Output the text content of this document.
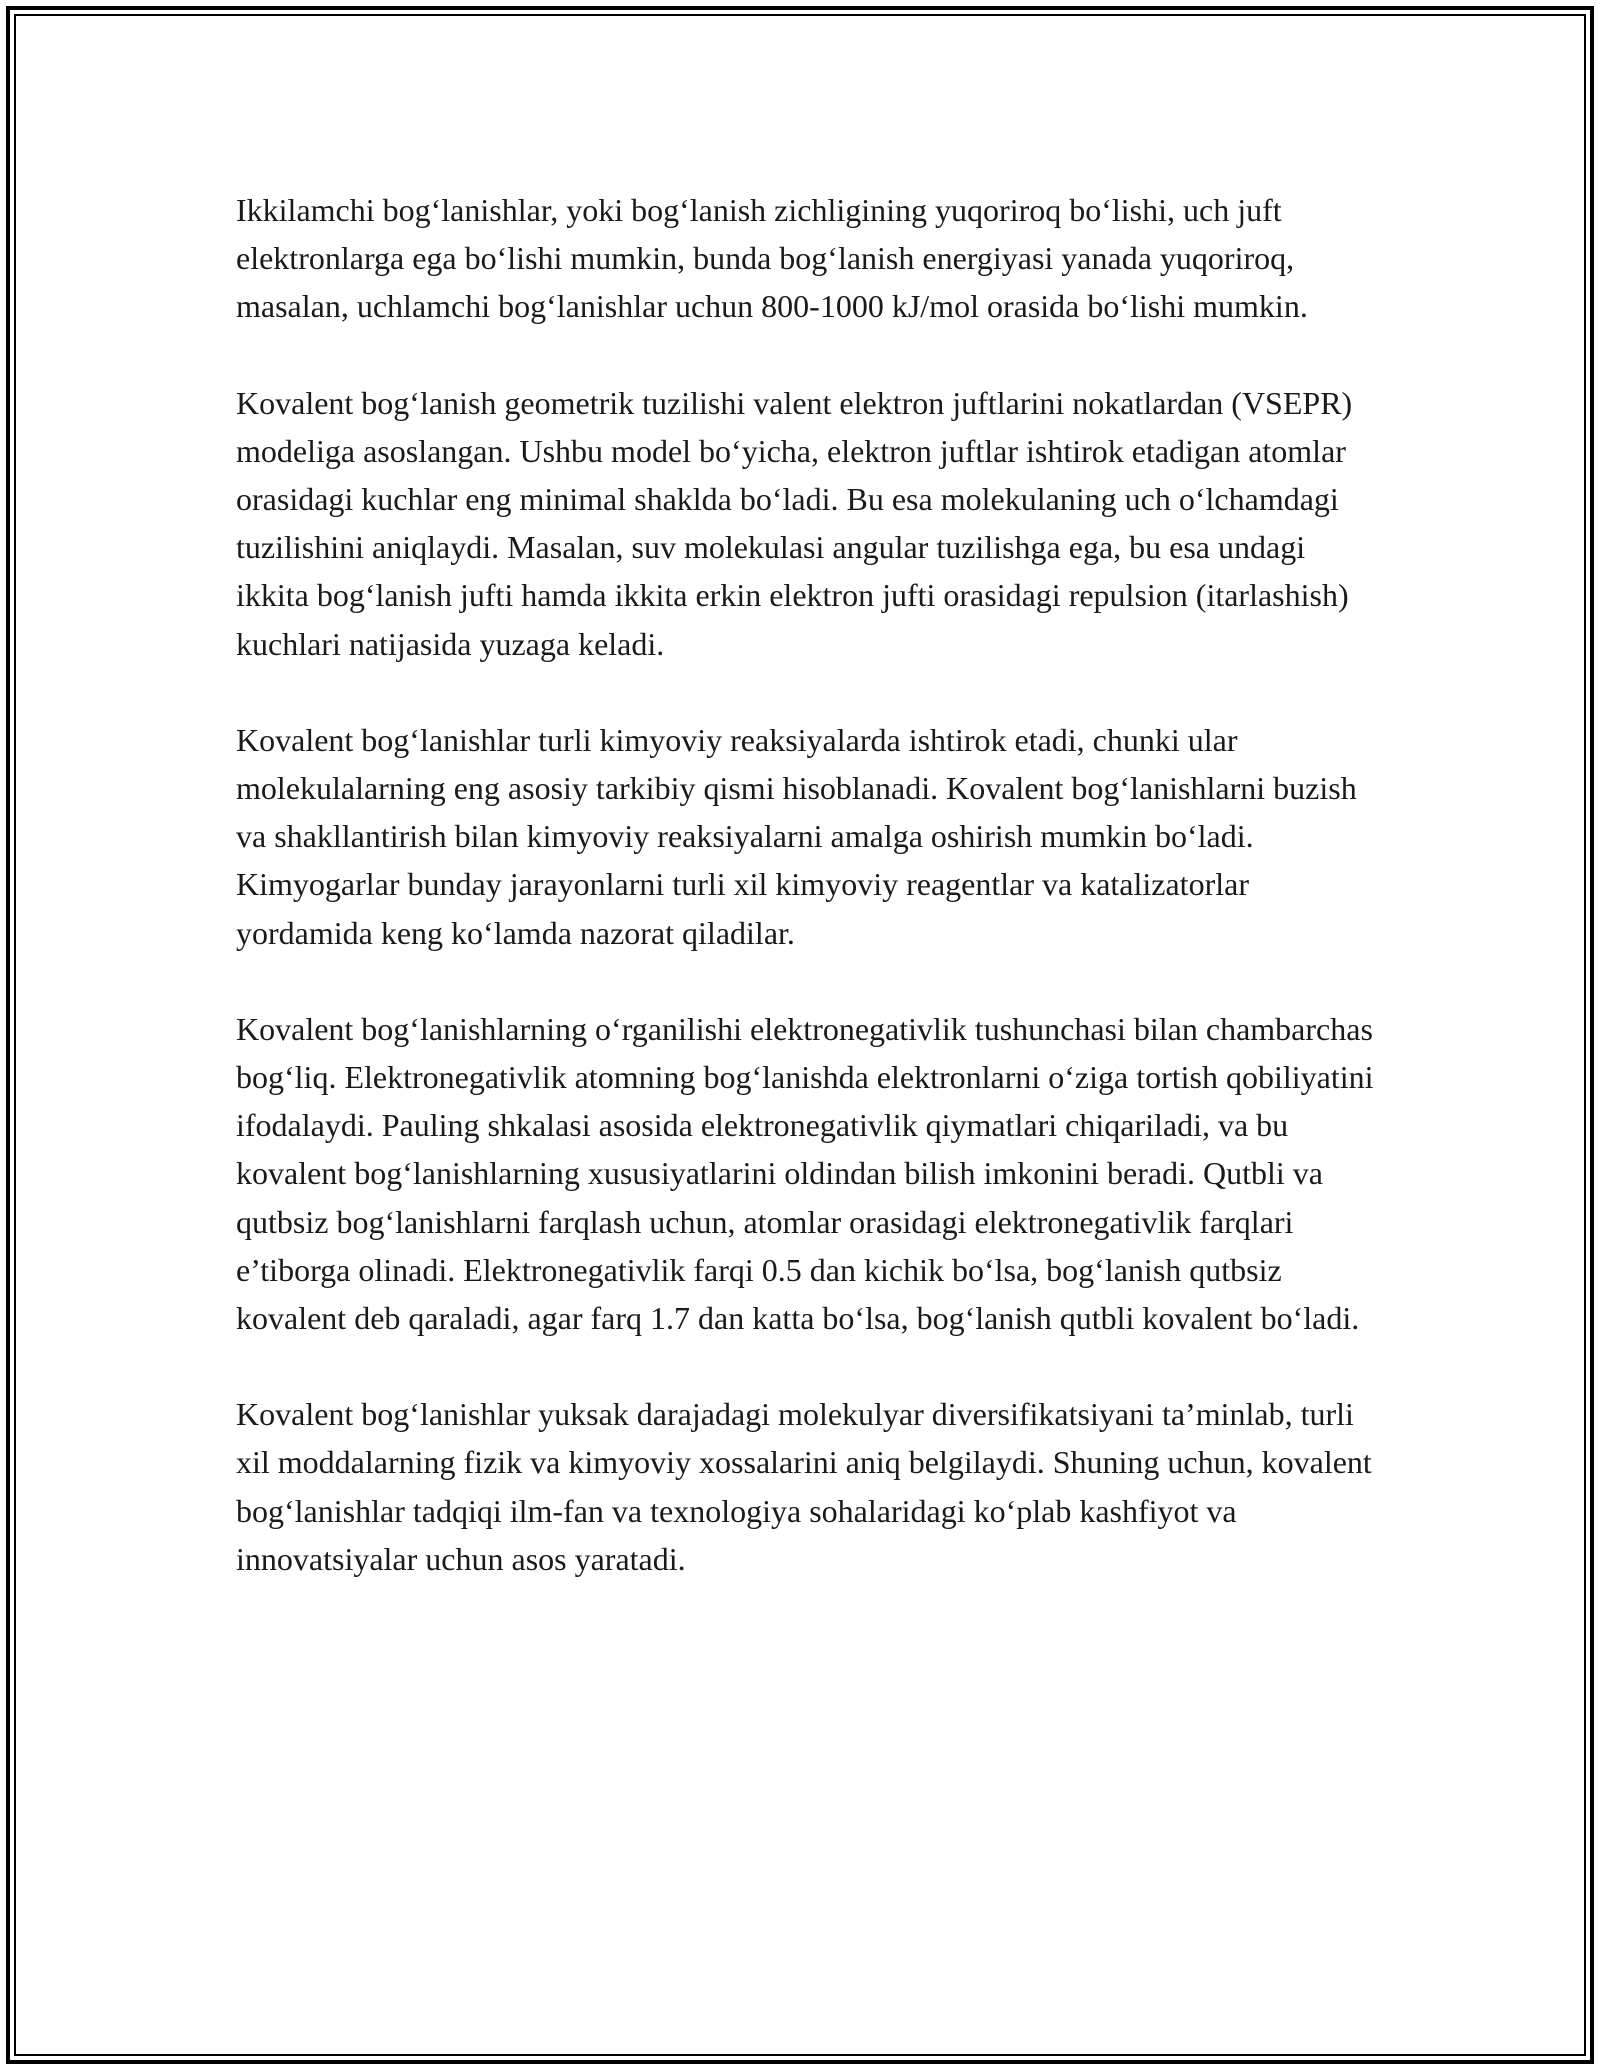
Ikkilamchi bog‘lanishlar, yoki bog‘lanish zichligining yuqoriroq bo‘lishi, uch juft elektronlarga ega bo‘lishi mumkin, bunda bog‘lanish energiyasi yanada yuqoriroq, masalan, uchlamchi bog‘lanishlar uchun 800-1000 kJ/mol orasida bo‘lishi mumkin.

Kovalent bog‘lanish geometrik tuzilishi valent elektron juftlarini nokatlardan (VSEPR) modeliga asoslangan. Ushbu model bo‘yicha, elektron juftlar ishtirok etadigan atomlar orasidagi kuchlar eng minimal shaklda bo‘ladi. Bu esa molekulaning uch o‘lchamdagi tuzilishini aniqlaydi. Masalan, suv molekulasi angular tuzilishga ega, bu esa undagi ikkita bog‘lanish jufti hamda ikkita erkin elektron jufti orasidagi repulsion (itarlashish) kuchlari natijasida yuzaga keladi.

Kovalent bog‘lanishlar turli kimyoviy reaksiyalarda ishtirok etadi, chunki ular molekulalarning eng asosiy tarkibiy qismi hisoblanadi. Kovalent bog‘lanishlarni buzish va shakllantirish bilan kimyoviy reaksiyalarni amalga oshirish mumkin bo‘ladi. Kimyogarlar bunday jarayonlarni turli xil kimyoviy reagentlar va katalizatorlar yordamida keng ko‘lamda nazorat qiladilar.

Kovalent bog‘lanishlarning o‘rganilishi elektronegativlik tushunchasi bilan chambarchas bog‘liq. Elektronegativlik atomning bog‘lanishda elektronlarni o‘ziga tortish qobiliyatini ifodalaydi. Pauling shkalasi asosida elektronegativlik qiymatlari chiqariladi, va bu kovalent bog‘lanishlarning xususiyatlarini oldindan bilish imkonini beradi. Qutbli va qutbsiz bog‘lanishlarni farqlash uchun, atomlar orasidagi elektronegativlik farqlari e’tiborga olinadi. Elektronegativlik farqi 0.5 dan kichik bo‘lsa, bog‘lanish qutbsiz kovalent deb qaraladi, agar farq 1.7 dan katta bo‘lsa, bog‘lanish qutbli kovalent bo‘ladi.

Kovalent bog‘lanishlar yuksak darajadagi molekulyar diversifikatsiyani ta’minlab, turli xil moddalarning fizik va kimyoviy xossalarini aniq belgilaydi. Shuning uchun, kovalent bog‘lanishlar tadqiqi ilm-fan va texnologiya sohalaridagi ko‘plab kashfiyot va innovatsiyalar uchun asos yaratadi.
